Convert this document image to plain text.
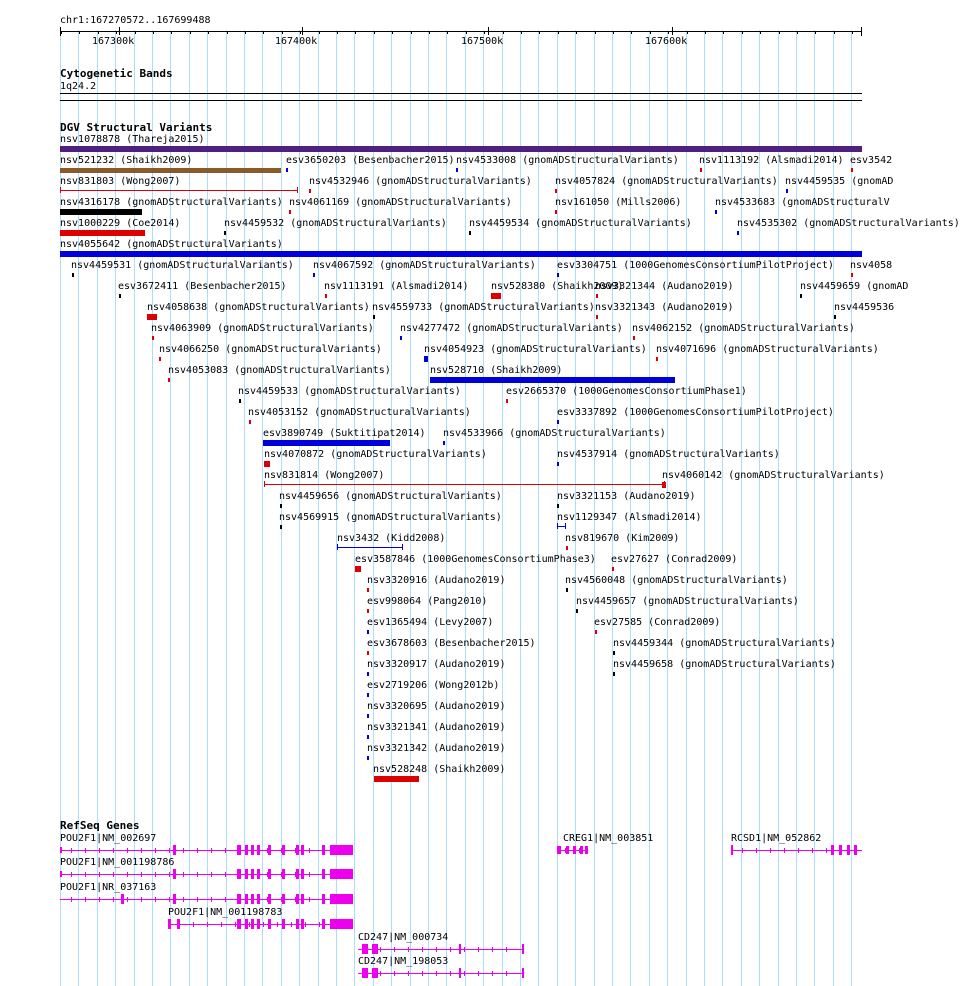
chr1:167270572..167699488
167300k	167400k	167500k	167600k
Cytogenetic Bands
1q24.2
DGV Structural Variants
nsv1078878 (Thareja2015)
nsv521232 (Shaikh2009)	esv3650203 (Besenbacher2015) nsv4533008 (gnomADStructuralVariants) nsv1113192 (Alsmadi2014) esv3542
nsv831803 (Wong2007)	nsv4532946 (gnomADStructuralVariants) nsv4057824 (gnomADStructuralVariants) nsv4459535 (gnomAD
nsv4316178 (gnomADStructuralVariants) nsv4061169 (gnomADStructuralVariants)	nsv161050 (Mills2006)	nsv4533683 (gnomADStructuralV
nsv1000229 (Coe2014)	nsv4459532 (gnomADStructuralVariants) nsv4459534 (gnomADStructuralVariants)	nsv4535302 (gnomADStructuralVariants)
nsv4055642 (gnomADStructuralVariants)
nsv4459531 (gnomADStructuralVariants) nsv4067592 (gnomADStructuralVariants) esv3304751 (1000GenomesConsortiumPilotProject) nsv4058
esv3672411 (Besenbacher2015)	nsv1113191 (Alsmadi2014) nsv528380 (Shaikh2009)
nsv3321344 (Audano2019)	nsv4459659 (gnomAD
nsv4058638 (gnomADStructuralVariants) nsv4559733 (gnomADStructuralVariants) nsv3321343 (Audano2019)	nsv4459536
nsv4063909 (gnomADStructuralVariants)	nsv4277472 (gnomADStructuralVariants) nsv4062152 (gnomADStructuralVariants)
nsv4066250 (gnomADStructuralVariants)	nsv4054923 (gnomADStructuralVariants) nsv4071696 (gnomADStructuralVariants)
nsv4053083 (gnomADStructuralVariants)	nsv528710 (Shaikh2009)
nsv4459533 (gnomADStructuralVariants)	esv2665370 (1000GenomesConsortiumPhase1)
nsv4053152 (gnomADStructuralVariants)	esv3337892 (1000GenomesConsortiumPilotProject)
esv3890749 (Suktitipat2014) nsv4533966 (gnomADStructuralVariants)
nsv4070872 (gnomADStructuralVariants)	nsv4537914 (gnomADStructuralVariants)
nsv831814 (Wong2007)	nsv4060142 (gnomADStructuralVariants)
nsv4459656 (gnomADStructuralVariants)	nsv3321153 (Audano2019)
nsv4569915 (gnomADStructuralVariants)	nsv1129347 (Alsmadi2014)
nsv3432 (Kidd2008)	nsv819670 (Kim2009)
esv3587846 (1000GenomesConsortiumPhase3) esv27627 (Conrad2009)
nsv3320916 (Audano2019)	nsv4560048 (gnomADStructuralVariants)
esv998064 (Pang2010)	nsv4459657 (gnomADStructuralVariants)
esv1365494 (Levy2007)	esv27585 (Conrad2009)
esv3678603 (Besenbacher2015)	nsv4459344 (gnomADStructuralVariants)
nsv3320917 (Audano2019)	nsv4459658 (gnomADStructuralVariants)
esv2719206 (Wong2012b)
nsv3320695 (Audano2019)
nsv3321341 (Audano2019)
nsv3321342 (Audano2019)
nsv528248 (Shaikh2009)
RefSeq Genes
POU2F1|NM_002697	CREG1|NM_003851	RCSD1|NM_052862
POU2F1|NM_001198786
POU2F1|NR_037163
POU2F1|NM_001198783
CD247|NM_000734
CD247|NM_198053
